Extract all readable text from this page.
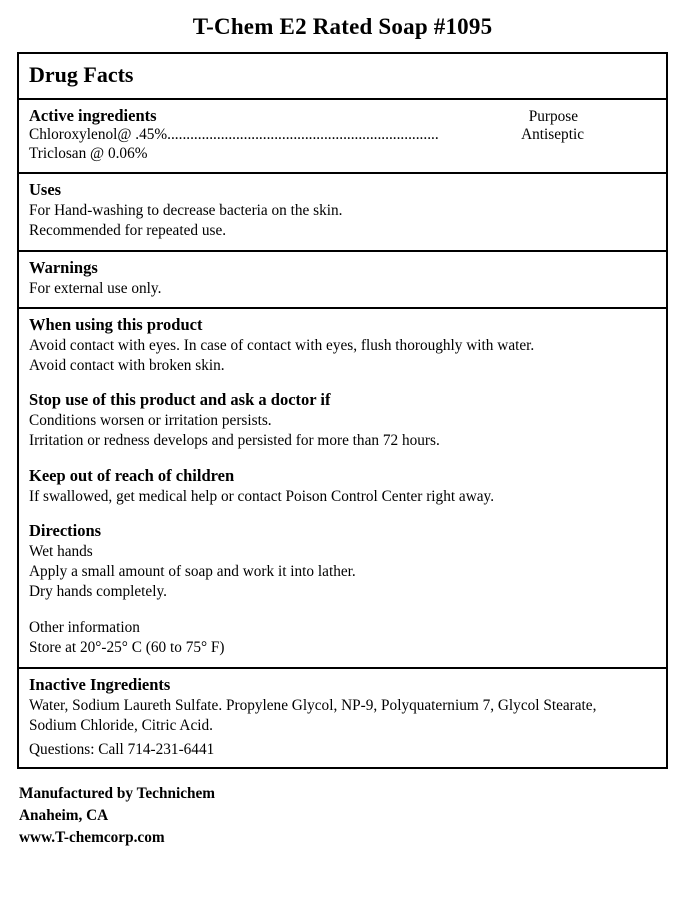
T-Chem E2 Rated Soap #1095
Drug Facts
Active ingredients	Purpose
Chloroxylenol@ .45%.......................................................................	Antiseptic
Triclosan @ 0.06%
Uses
For Hand-washing to decrease bacteria on the skin.
Recommended for repeated use.
Warnings
For external use only.
When using this product
Avoid contact with eyes. In case of contact with eyes, flush thoroughly with water.
Avoid contact with broken skin.
Stop use of this product and ask a doctor if
Conditions worsen or irritation persists.
Irritation or redness develops and persisted for more than 72 hours.
Keep out of reach of children
If swallowed, get medical help or contact Poison Control Center right away.
Directions
Wet hands
Apply a small amount of soap and work it into lather.
Dry hands completely.
Other information
Store at 20°-25° C (60 to 75° F)
Inactive Ingredients
Water, Sodium Laureth Sulfate. Propylene Glycol, NP-9, Polyquaternium 7, Glycol Stearate,
Sodium Chloride, Citric Acid.
Questions: Call 714-231-6441
Manufactured by Technichem
Anaheim, CA
www.T-chemcorp.com
